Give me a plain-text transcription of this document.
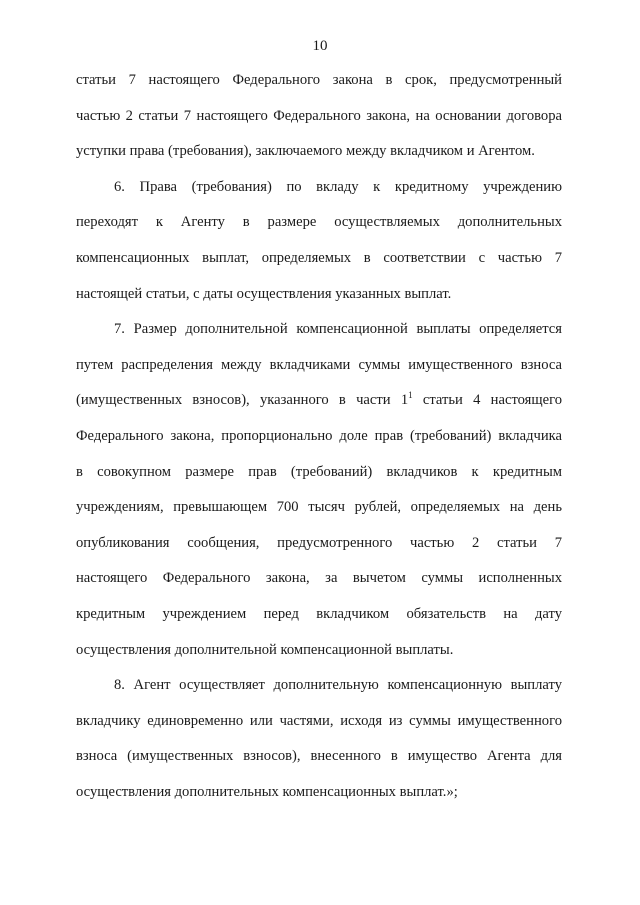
10
статьи 7 настоящего Федерального закона в срок, предусмотренный
частью 2 статьи 7 настоящего Федерального закона, на основании договора
уступки права (требования), заключаемого между вкладчиком и Агентом.
6. Права (требования) по вкладу к кредитному учреждению
переходят к Агенту в размере осуществляемых дополнительных
компенсационных выплат, определяемых в соответствии с частью 7
настоящей статьи, с даты осуществления указанных выплат.
7. Размер дополнительной компенсационной выплаты определяется
путем распределения между вкладчиками суммы имущественного взноса
(имущественных взносов), указанного в части $1^1$ статьи 4 настоящего
Федерального закона, пропорционально доле прав (требований) вкладчика
в совокупном размере прав (требований) вкладчиков к кредитным
учреждениям, превышающем 700 тысяч рублей, определяемых на день
опубликования сообщения, предусмотренного частью 2 статьи 7
настоящего Федерального закона, за вычетом суммы исполненных
кредитным учреждением перед вкладчиком обязательств на дату
осуществления дополнительной компенсационной выплаты.
8. Агент осуществляет дополнительную компенсационную выплату
вкладчику единовременно или частями, исходя из суммы имущественного
взноса (имущественных взносов), внесенного в имущество Агента для
осуществления дополнительных компенсационных выплат.»;
